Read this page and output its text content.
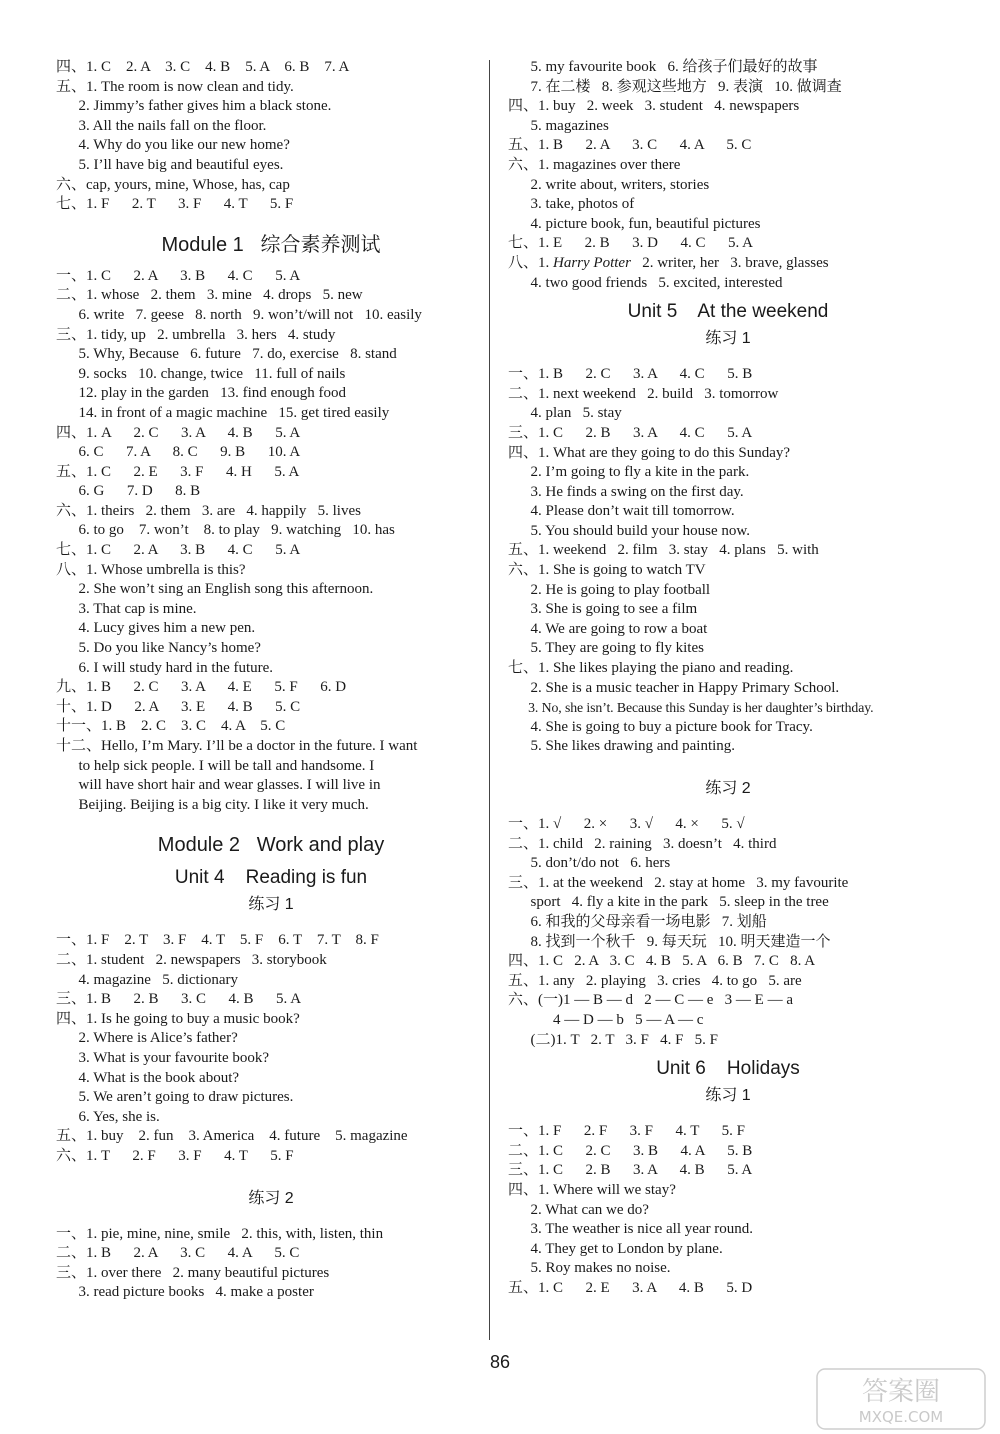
四、1. C    2. A    3. C    4. B    5. A    6. B    7. A
五、1. The room is now clean and tidy.
2. Jimmy’s father gives him a black stone.
3. All the nails fall on the floor.
4. Why do you like our new home?
5. I’ll have big and beautiful eyes.
六、cap, yours, mine, Whose, has, cap
七、1. F      2. T      3. F      4. T      5. F
Module 1   综合素养测试
一、1. C      2. A      3. B      4. C      5. A
二、1. whose   2. them   3. mine   4. drops   5. new
6. write   7. geese   8. north   9. won’t/will not   10. easily
三、1. tidy, up   2. umbrella   3. hers   4. study
5. Why, Because   6. future   7. do, exercise   8. stand
9. socks   10. change, twice   11. full of nails
12. play in the garden   13. find enough food
14. in front of a magic machine   15. get tired easily
四、1. A      2. C      3. A      4. B      5. A
6. C      7. A      8. C      9. B      10. A
五、1. C      2. E      3. F      4. H      5. A
6. G      7. D      8. B
六、1. theirs   2. them   3. are   4. happily   5. lives
6. to go    7. won’t    8. to play   9. watching   10. has
七、1. C      2. A      3. B      4. C      5. A
八、1. Whose umbrella is this?
2. She won’t sing an English song this afternoon.
3. That cap is mine.
4. Lucy gives him a new pen.
5. Do you like Nancy’s home?
6. I will study hard in the future.
九、1. B      2. C      3. A      4. E      5. F      6. D
十、1. D      2. A      3. E      4. B      5. C
十一、1. B    2. C    3. C    4. A    5. C
十二、Hello, I’m Mary. I’ll be a doctor in the future. I want
to help sick people. I will be tall and handsome. I
will have short hair and wear glasses. I will live in
Beijing. Beijing is a big city. I like it very much.
Module 2   Work and play
Unit 4    Reading is fun
练习 1
一、1. F    2. T    3. F    4. T    5. F    6. T    7. T    8. F
二、1. student   2. newspapers   3. storybook
4. magazine   5. dictionary
三、1. B      2. B      3. C      4. B      5. A
四、1. Is he going to buy a music book?
2. Where is Alice’s father?
3. What is your favourite book?
4. What is the book about?
5. We aren’t going to draw pictures.
6. Yes, she is.
五、1. buy    2. fun    3. America    4. future    5. magazine
六、1. T      2. F      3. F      4. T      5. F
练习 2
一、1. pie, mine, nine, smile   2. this, with, listen, thin
二、1. B      2. A      3. C      4. A      5. C
三、1. over there   2. many beautiful pictures
3. read picture books   4. make a poster
5. my favourite book   6. 给孩子们最好的故事
7. 在二楼   8. 参观这些地方   9. 表演   10. 做调查
四、1. buy   2. week   3. student   4. newspapers
5. magazines
五、1. B      2. A      3. C      4. A      5. C
六、1. magazines over there
2. write about, writers, stories
3. take, photos of
4. picture book, fun, beautiful pictures
七、1. E      2. B      3. D      4. C      5. A
八、1. Harry Potter   2. writer, her   3. brave, glasses
4. two good friends   5. excited, interested
Unit 5    At the weekend
练习 1
一、1. B      2. C      3. A      4. C      5. B
二、1. next weekend   2. build   3. tomorrow
4. plan   5. stay
三、1. C      2. B      3. A      4. C      5. A
四、1. What are they going to do this Sunday?
2. I’m going to fly a kite in the park.
3. He finds a swing on the first day.
4. Please don’t wait till tomorrow.
5. You should build your house now.
五、1. weekend   2. film   3. stay   4. plans   5. with
六、1. She is going to watch TV
2. He is going to play football
3. She is going to see a film
4. We are going to row a boat
5. They are going to fly kites
七、1. She likes playing the piano and reading.
2. She is a music teacher in Happy Primary School.
3. No, she isn’t. Because this Sunday is her daughter’s birthday.
4. She is going to buy a picture book for Tracy.
5. She likes drawing and painting.
练习 2
一、1. √      2. ×      3. √      4. ×      5. √
二、1. child   2. raining   3. doesn’t   4. third
5. don’t/do not   6. hers
三、1. at the weekend   2. stay at home   3. my favourite
sport   4. fly a kite in the park   5. sleep in the tree
6. 和我的父母亲看一场电影   7. 划船
8. 找到一个秋千   9. 每天玩   10. 明天建造一个
四、1. C   2. A   3. C   4. B   5. A   6. B   7. C   8. A
五、1. any   2. playing   3. cries   4. to go   5. are
六、(一)1 — B — d   2 — C — e   3 — E — a
4 — D — b   5 — A — c
(二)1. T   2. T   3. F   4. F   5. F
Unit 6    Holidays
练习 1
一、1. F      2. F      3. F      4. T      5. F
二、1. C      2. C      3. B      4. A      5. B
三、1. C      2. B      3. A      4. B      5. A
四、1. Where will we stay?
2. What can we do?
3. The weather is nice all year round.
4. They get to London by plane.
5. Roy makes no noise.
五、1. C      2. E      3. A      4. B      5. D
86
答案圈
MXQE.COM
